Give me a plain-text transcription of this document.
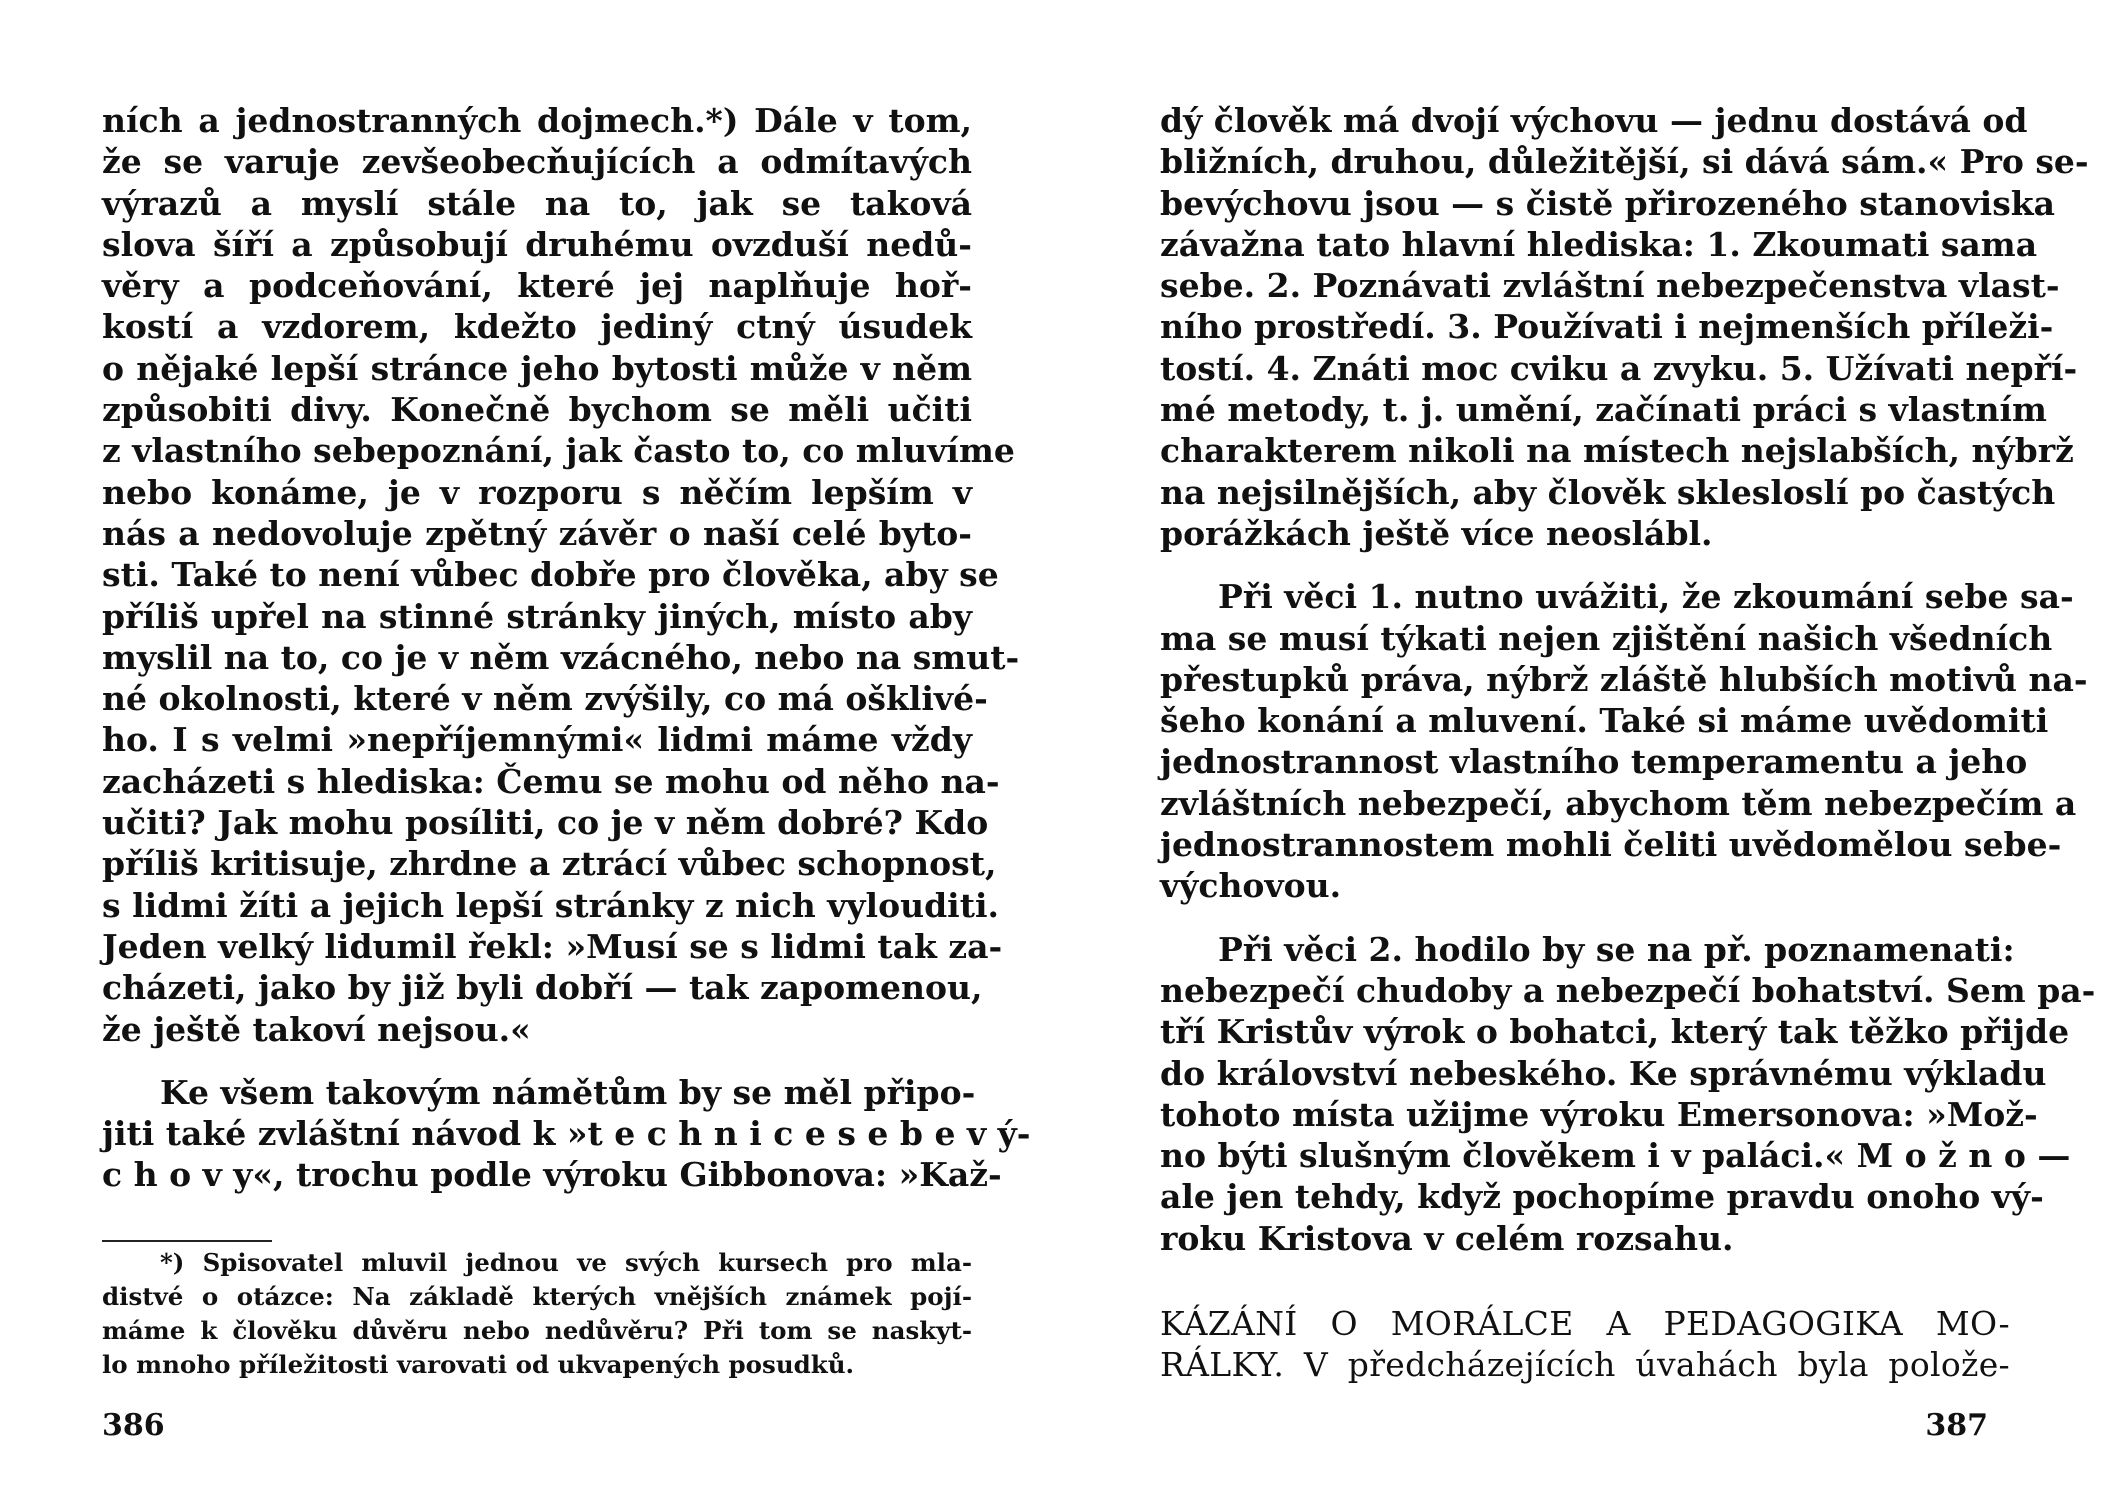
ních a jednostranných dojmech.*) Dále v tom,
že se varuje zevšeobecňujících a odmítavých
výrazů a myslí stále na to, jak se taková
slova šíří a způsobují druhému ovzduší nedů-
věry a podceňování, které jej naplňuje hoř-
kostí a vzdorem, kdežto jediný ctný úsudek
o nějaké lepší stránce jeho bytosti může v něm
způsobiti divy. Konečně bychom se měli učiti
z vlastního sebepoznání, jak často to, co mluvíme
nebo konáme, je v rozporu s něčím lepším v
nás a nedovoluje zpětný závěr o naší celé byto-
sti. Také to není vůbec dobře pro člověka, aby se
příliš upřel na stinné stránky jiných, místo aby
myslil na to, co je v něm vzácného, nebo na smut-
né okolnosti, které v něm zvýšily, co má ošklivé-
ho. I s velmi »nepříjemnými« lidmi máme vždy
zacházeti s hlediska: Čemu se mohu od něho na-
učiti? Jak mohu posíliti, co je v něm dobré? Kdo
příliš kritisuje, zhrdne a ztrácí vůbec schopnost,
s lidmi žíti a jejich lepší stránky z nich vylouditi.
Jeden velký lidumil řekl: »Musí se s lidmi tak za-
cházeti, jako by již byli dobří — tak zapomenou,
že ještě takoví nejsou.«
Ke všem takovým námětům by se měl připo-
jiti také zvláštní návod k »t e c h n i c e s e b e v ý-
c h o v y«, trochu podle výroku Gibbonova: »Kaž-
*) Spisovatel mluvil jednou ve svých kursech pro mla-
distvé o otázce: Na základě kterých vnějších známek pojí-
máme k člověku důvěru nebo nedůvěru? Při tom se naskyt-
lo mnoho příležitosti varovati od ukvapených posudků.
386
dý člověk má dvojí výchovu — jednu dostává od
bližních, druhou, důležitější, si dává sám.« Pro se-
bevýchovu jsou — s čistě přirozeného stanoviska
závažna tato hlavní hlediska: 1. Zkoumati sama
sebe. 2. Poznávati zvláštní nebezpečenstva vlast-
ního prostředí. 3. Používati i nejmenších příleži-
tostí. 4. Znáti moc cviku a zvyku. 5. Užívati nepří-
mé metody, t. j. umění, začínati práci s vlastním
charakterem nikoli na místech nejslabších, nýbrž
na nejsilnějších, aby člověk sklesloslí po častých
porážkách ještě více neoslábl.
Při věci 1. nutno uvážiti, že zkoumání sebe sa-
ma se musí týkati nejen zjištění našich všedních
přestupků práva, nýbrž zláště hlubších motivů na-
šeho konání a mluvení. Také si máme uvědomiti
jednostrannost vlastního temperamentu a jeho
zvláštních nebezpečí, abychom těm nebezpečím a
jednostrannostem mohli čeliti uvědomělou sebe-
výchovou.
Při věci 2. hodilo by se na př. poznamenati:
nebezpečí chudoby a nebezpečí bohatství. Sem pa-
tří Kristův výrok o bohatci, který tak těžko přijde
do království nebeského. Ke správnému výkladu
tohoto místa užijme výroku Emersonova: »Mož-
no býti slušným člověkem i v paláci.« M o ž n o —
ale jen tehdy, když pochopíme pravdu onoho vý-
roku Kristova v celém rozsahu.
KÁZÁNÍ O MORÁLCE A PEDAGOGIKA MO-
RÁLKY. V předcházejících úvahách byla polože-
387
